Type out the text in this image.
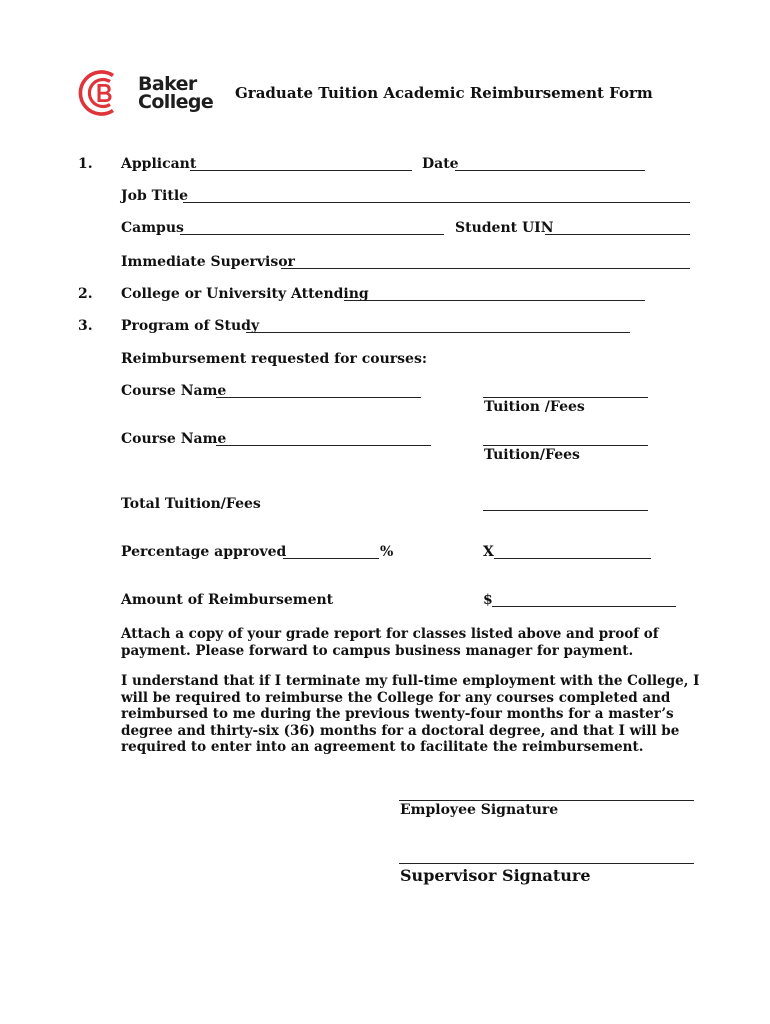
Baker
College Graduate Tuition Academic Reimbursement Form
1. Applicant	Date
Job Title
Campus	Student UIN
Immediate Supervisor
2. College or University Attending
3. Program of Study
Reimbursement requested for courses:
Course Name
Tuition /Fees
Course Name
Tuition/Fees
Total Tuition/Fees
Percentage approved	%	X
Amount of Reimbursement	$
Attach a copy of your grade report for classes listed above and proof of payment. Please forward to campus business manager for payment.
I understand that if I terminate my full-time employment with the College, I will be required to reimburse the College for any courses completed and reimbursed to me during the previous twenty-four months for a master’s degree and thirty-six (36) months for a doctoral degree, and that I will be required to enter into an agreement to facilitate the reimbursement.
Employee Signature
Supervisor Signature
